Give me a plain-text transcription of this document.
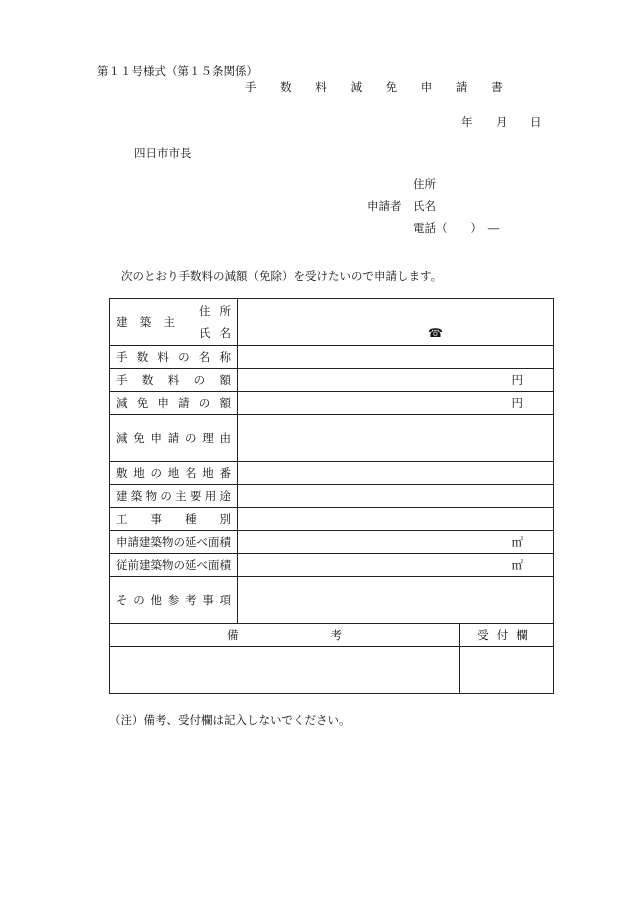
第１１号様式（第１５条関係）
手 数 料 減 免 申 請 書
年 月 日
四日市市長
住所
申請者 氏名
電話（　　）　―
次のとおり手数料の減額（免除）を受けたいので申請します。
建築主
住所
氏名	☎	

手数料の名称		
手数料の額	円	
減免申請の額	円	
減免申請の理由		
敷地の地名地番		
建築物の主要用途		
工事種別		
申請建築物の延べ面積	㎡	
従前建築物の延べ面積	㎡	
その他参考事項		
備　　　　　　　　考		受付欄

（注）備考、受付欄は記入しないでください。
